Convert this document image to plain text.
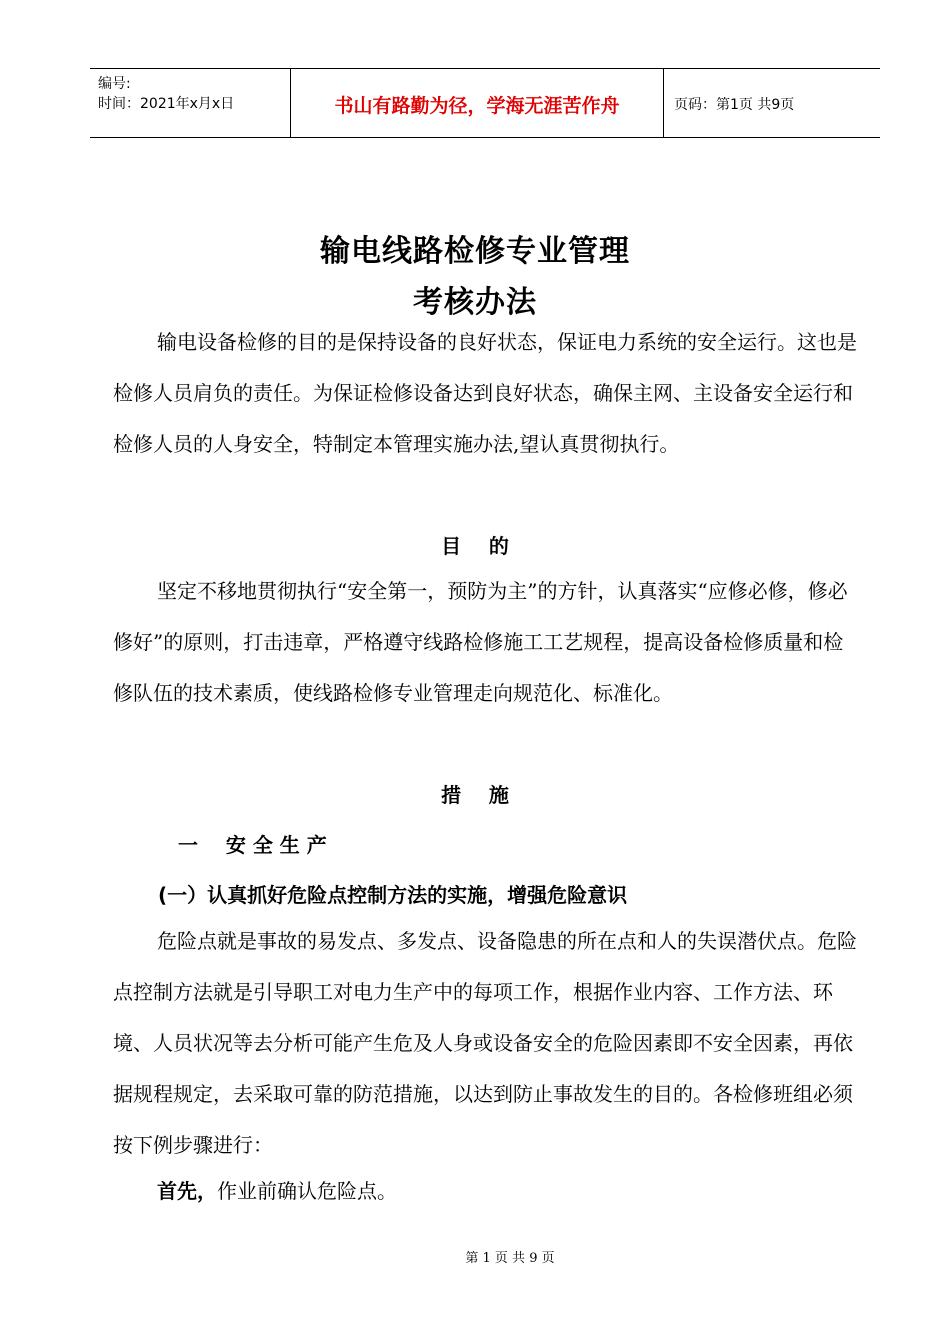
编号:
时间：2021年x月x日	书山有路勤为径，学海无涯苦作舟	页码：第1页 共9页
输电线路检修专业管理
考核办法

输电设备检修的目的是保持设备的良好状态，保证电力系统的安全运行。这也是检修人员肩负的责任。为保证检修设备达到良好状态，确保主网、主设备安全运行和检修人员的人身安全，特制定本管理实施办法,望认真贯彻执行。

目    的

坚定不移地贯彻执行“安全第一，预防为主”的方针，认真落实“应修必修，修必修好”的原则，打击违章，严格遵守线路检修施工工艺规程，提高设备检修质量和检修队伍的技术素质，使线路检修专业管理走向规范化、标准化。

措    施
一    安 全 生 产
(一）认真抓好危险点控制方法的实施，增强危险意识

危险点就是事故的易发点、多发点、设备隐患的所在点和人的失误潜伏点。危险点控制方法就是引导职工对电力生产中的每项工作，根据作业内容、工作方法、环境、人员状况等去分析可能产生危及人身或设备安全的危险因素即不安全因素，再依据规程规定，去采取可靠的防范措施，以达到防止事故发生的目的。各检修班组必须按下例步骤进行：

首先，作业前确认危险点。

第 1 页 共 9 页
